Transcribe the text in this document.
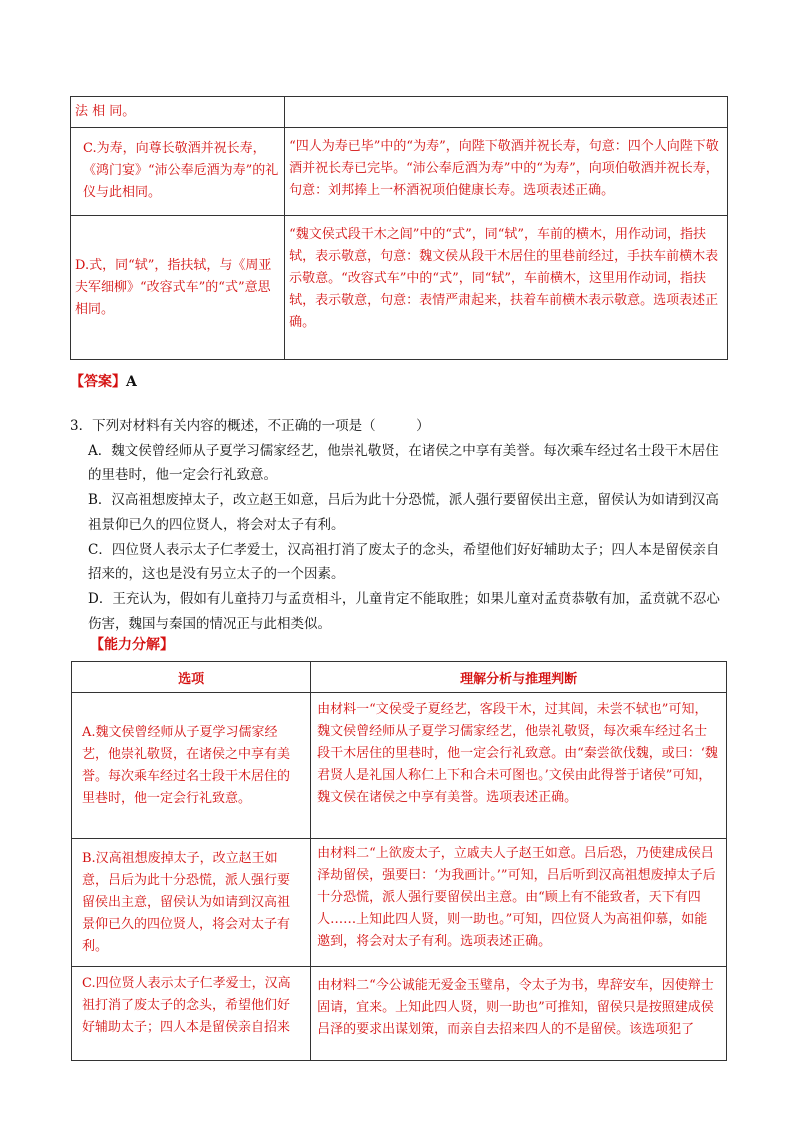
法 相 同。	
C.为寿，向尊长敬酒并祝长寿，《鸿门宴》“沛公奉卮酒为寿”的礼仪与此相同。	“四人为寿已毕”中的“为寿”，向陛下敬酒并祝长寿，句意：四个人向陛下敬酒并祝长寿已完毕。“沛公奉卮酒为寿”中的“为寿”，向项伯敬酒并祝长寿，句意：刘邦捧上一杯酒祝项伯健康长寿。选项表述正确。
D.式，同“轼”，指扶轼，与《周亚夫军细柳》“改容式车”的“式”意思相同。	“魏文侯式段干木之闾”中的“式”，同“轼”，车前的横木，用作动词，指扶轼，表示敬意，句意：魏文侯从段干木居住的里巷前经过，手扶车前横木表示敬意。“改容式车”中的“式”，同“轼”，车前横木，这里用作动词，指扶轼，表示敬意，句意：表情严肃起来，扶着车前横木表示敬意。选项表述正确。
【答案】A

3．下列对材料有关内容的概述，不正确的一项是（　　　）

A．魏文侯曾经师从子夏学习儒家经艺，他崇礼敬贤，在诸侯之中享有美誉。每次乘车经过名士段干木居住的里巷时，他一定会行礼致意。

B．汉高祖想废掉太子，改立赵王如意，吕后为此十分恐慌，派人强行要留侯出主意，留侯认为如请到汉高祖景仰已久的四位贤人，将会对太子有利。

C．四位贤人表示太子仁孝爱士，汉高祖打消了废太子的念头，希望他们好好辅助太子；四人本是留侯亲自招来的，这也是没有另立太子的一个因素。

D．王充认为，假如有儿童持刀与孟贲相斗，儿童肯定不能取胜；如果儿童对孟贲恭敬有加，孟贲就不忍心伤害，魏国与秦国的情况正与此相类似。

【能力分解】
选项	理解分析与推理判断
A.魏文侯曾经师从子夏学习儒家经艺，他崇礼敬贤，在诸侯之中享有美誉。每次乘车经过名士段干木居住的里巷时，他一定会行礼致意。	由材料一“文侯受子夏经艺，客段干木，过其闾，未尝不轼也”可知，魏文侯曾经师从子夏学习儒家经艺，他崇礼敬贤，每次乘车经过名士段干木居住的里巷时，他一定会行礼致意。由“秦尝欲伐魏，或曰：‘魏君贤人是礼国人称仁上下和合未可图也。’文侯由此得誉于诸侯”可知，魏文侯在诸侯之中享有美誉。选项表述正确。
B.汉高祖想废掉太子，改立赵王如意，吕后为此十分恐慌，派人强行要留侯出主意，留侯认为如请到汉高祖景仰已久的四位贤人，将会对太子有利。	由材料二“上欲废太子，立戚夫人子赵王如意。吕后恐，乃使建成侯吕泽劫留侯，强要曰：‘为我画计。’”可知，吕后听到汉高祖想废掉太子后十分恐慌，派人强行要留侯出主意。由“顾上有不能致者，天下有四人……上知此四人贤，则一助也。”可知，四位贤人为高祖仰慕，如能邀到，将会对太子有利。选项表述正确。
C.四位贤人表示太子仁孝爱士，汉高祖打消了废太子的念头，希望他们好好辅助太子；四人本是留侯亲自招来	由材料二“今公诚能无爱金玉璧帛，令太子为书，卑辞安车，因使辩士固请，宜来。上知此四人贤，则一助也”可推知，留侯只是按照建成侯吕泽的要求出谋划策，而亲自去招来四人的不是留侯。该选项犯了
